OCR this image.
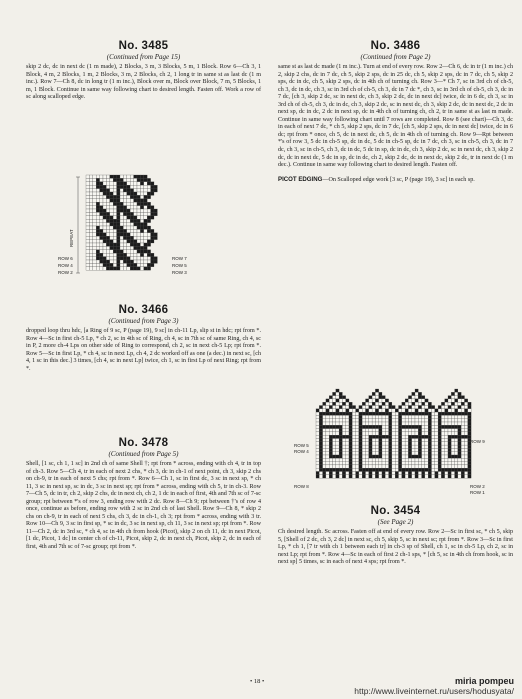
No. 3485

(Continued from Page 15)

skip 2 dc, dc in next dc (1 m made), 2 Blocks, 3 m, 3 Blocks, 5 m, 1 Block. Row 6—Ch 3, 1 Block, 4 m, 2 Blocks, 1 m, 2 Blocks, 3 m, 2 Blocks, ch 2, 1 long tr in same st as last dc (1 m inc.). Row 7—Ch 8, dc in long tr (1 m inc.), Block over m, Block over Block, 7 m, 5 Blocks, 1 m, 1 Block. Continue in same way following chart to desired length. Fasten off. Work a row of sc along scalloped edge.

REPEAT
ROW 7
ROW 5
ROW 3
ROW 6
ROW 4
ROW 2

No. 3466

(Continued from Page 3)

dropped loop thru hdc, [a Ring of 9 sc, P (page 19), 9 sc] in ch-11 Lp, slip st in hdc; rpt from *. Row 4—Sc in first ch-5 Lp, * ch 2, sc in 4th sc of Ring, ch 4, sc in 7th sc of same Ring, ch 4, sc in P, 2 more ch-4 Lps on other side of Ring to correspond, ch 2, sc in next ch-5 Lp; rpt from *. Row 5—Sc in first Lp, * ch 4, sc in next Lp, ch 4, 2 dc worked off as one (a dec.) in next sc, [ch 4, 1 sc in this dec.] 3 times, [ch 4, sc in next Lp] twice, ch 1, sc in first Lp of next Ring; rpt from *.

No. 3478

(Continued from Page 5)

Shell, [1 sc, ch 1, 1 sc] in 2nd ch of same Shell †; rpt from * across, ending with ch 4, tr in top of ch-3. Row 5—Ch 4, tr in each of next 2 chs, * ch 3, dc in ch-1 of next point, ch 3, skip 2 chs on ch-9, tr in each of next 5 chs; rpt from *. Row 6—Ch 1, sc in first dc, 3 sc in next sp, * ch 11, 3 sc in next sp, sc in dc, 3 sc in next sp; rpt from * across, ending with ch 5, tr in ch-3. Row 7—Ch 5, dc in tr, ch 2, skip 2 chs, dc in next ch, ch 2, 1 dc in each of first, 4th and 7th sc of 7-sc group; rpt between *'s of row 3, ending row with 2 dc. Row 8—Ch 9; rpt between †'s of row 4 once, continue as before, ending row with 2 sc in 2nd ch of last Shell. Row 9—Ch 8, * skip 2 chs on ch-9, tr in each of next 5 chs, ch 3, dc in ch-1, ch 3; rpt from * across, ending with 3 tr. Row 10—Ch 9, 3 sc in first sp, * sc in dc, 3 sc in next sp, ch 11, 3 sc in next sp; rpt from *. Row 11—Ch 2, dc in 3rd sc, * ch 4, sc in 4th ch from hook (Picot), skip 2 on ch 11, dc in next Picot, [1 dc, Picot, 1 dc] in center ch of ch-11, Picot, skip 2, dc in next ch, Picot, skip 2, dc in each of first, 4th and 7th sc of 7-sc group; rpt from *.

No. 3486

(Continued from Page 2)

same st as last dc made (1 m inc.). Turn at end of every row. Row 2—Ch 6, dc in tr (1 m inc.) ch 2, skip 2 chs, dc in 7 dc, ch 5, skip 2 sps, dc in 25 dc, ch 5, skip 2 sps, dc in 7 dc, ch 5, skip 2 sps, dc in dc, ch 5, skip 2 sps, dc in 4th ch of turning ch. Row 3—* Ch 7, sc in 3rd ch of ch-5, ch 3, dc in dc, ch 3, sc in 3rd ch of ch-5, ch 3, dc in 7 dc *, ch 3, sc in 3rd ch of ch-5, ch 3, dc in 7 dc, [ch 3, skip 2 dc, sc in next dc, ch 3, skip 2 dc, dc in next dc] twice, dc in 6 dc, ch 3, sc in 3rd ch of ch-5, ch 3, dc in dc, ch 3, skip 2 dc, sc in next dc, ch 3, skip 2 dc, dc in next dc, 2 dc in next sp, dc in dc, 2 dc in next sp, dc in 4th ch of turning ch, ch 2, tr in same st as last m made. Continue in same way following chart until 7 rows are completed. Row 8 (see chart)—Ch 3, dc in each of next 7 dc, * ch 5, skip 2 sps, dc in 7 dc, [ch 5, skip 2 sps, dc in next dc] twice, dc in 6 dc; rpt from * once, ch 5, dc in next dc, ch 5, dc in 4th ch of turning ch. Row 9—Rpt between *'s of row 3, 5 dc in ch-5 sp, dc in dc, 5 dc in ch-5 sp, dc in 7 dc, ch 3, sc in ch-5, ch 3, dc in 7 dc, ch 3, sc in ch-5, ch 3, dc in dc, 5 dc in sp, dc in dc, ch 3, skip 2 dc, sc in next dc, ch 3, skip 2 dc, dc in next dc, 5 dc in sp, dc in dc, ch 2, skip 2 dc, dc in next dc, skip 2 dc, tr in next dc (1 m dec.). Continue in same way following chart to desired length. Fasten off.

PICOT EDGING—On Scalloped edge work [3 sc, P (page 19), 3 sc] in each sp.

ROW 9
ROW 8	ROW 2
ROW 1
ROW 5
ROW 4

No. 3454

(See Page 2)

Ch desired length. Sc across. Fasten off at end of every row. Row 2—Sc in first sc, * ch 5, skip 5, [Shell of 2 dc, ch 3, 2 dc] in next sc, ch 5, skip 5, sc in next sc; rpt from *. Row 3—Sc in first Lp, * ch 1, [7 tr with ch 1 between each tr] in ch-3 sp of Shell, ch 1, sc in ch-5 Lp, ch 2, sc in next Lp; rpt from *. Row 4—Sc in each of first 2 ch-1 sps, * [ch 5, sc in 4th ch from hook, sc in next sp] 5 times, sc in each of next 4 sps; rpt from *.

• 18 •	miria pompeu
http://www.liveinternet.ru/users/hodusyata/
